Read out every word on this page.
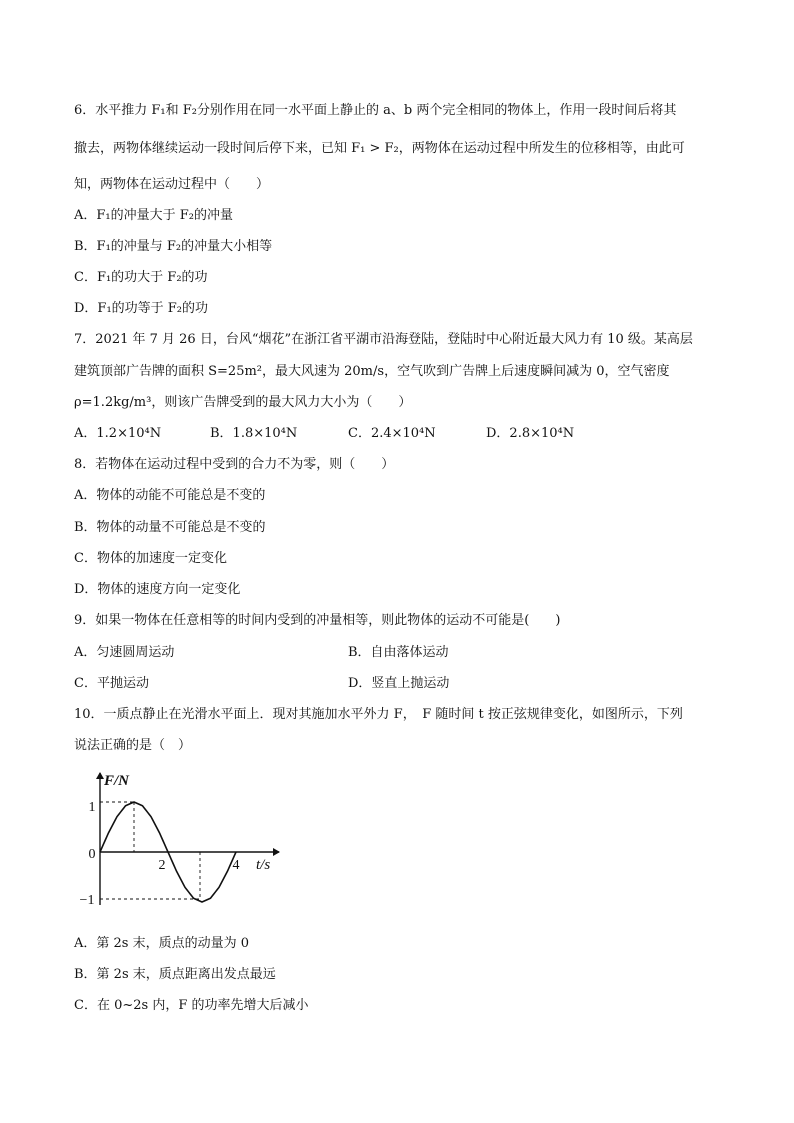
6．水平推力 F₁和 F₂分别作用在同一水平面上静止的 a、b 两个完全相同的物体上，作用一段时间后将其
撤去，两物体继续运动一段时间后停下来，已知 F₁ > F₂，两物体在运动过程中所发生的位移相等，由此可
知，两物体在运动过程中（　　）
A．F₁的冲量大于 F₂的冲量
B．F₁的冲量与 F₂的冲量大小相等
C．F₁的功大于 F₂的功
D．F₁的功等于 F₂的功
7．2021 年 7 月 26 日，台风“烟花”在浙江省平湖市沿海登陆，登陆时中心附近最大风力有 10 级。某高层
建筑顶部广告牌的面积 S=25m²，最大风速为 20m/s，空气吹到广告牌上后速度瞬间减为 0，空气密度
ρ=1.2kg/m³，则该广告牌受到的最大风力大小为（　　）
A．1.2×10⁴N	B．1.8×10⁴N	C．2.4×10⁴N	D．2.8×10⁴N
8．若物体在运动过程中受到的合力不为零，则（　　）
A．物体的动能不可能总是不变的
B．物体的动量不可能总是不变的
C．物体的加速度一定变化
D．物体的速度方向一定变化
9．如果一物体在任意相等的时间内受到的冲量相等，则此物体的运动不可能是(　　)
A．匀速圆周运动	B．自由落体运动
C．平抛运动	D．竖直上抛运动
10．一质点静止在光滑水平面上．现对其施加水平外力 F，　F 随时间 t 按正弦规律变化，如图所示，下列
说法正确的是（　）
F/N
1
−1
0
2	4 t/s
A．第 2s 末，质点的动量为 0
B．第 2s 末，质点距离出发点最远
C．在 0~2s 内，F 的功率先增大后减小
